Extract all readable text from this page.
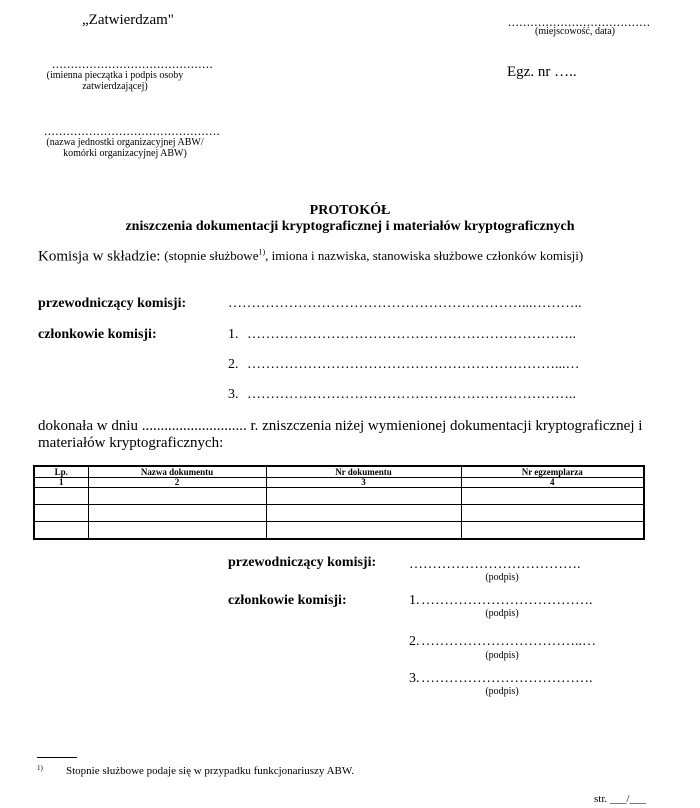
„Zatwierdzam"	......................................
(miejscowość, data)
...........................................
(imienna pieczątka i podpis osoby zatwierdzającej)
Egz. nr …..
...............................................
(nazwa jednostki organizacyjnej ABW/ komórki organizacyjnej ABW)
PROTOKÓŁ
zniszczenia dokumentacji kryptograficznej i materiałów kryptograficznych
Komisja w składzie: (stopnie służbowe$^{1)}$, imiona i nazwiska, stanowiska służbowe członków komisji)
przewodniczący komisji:	………………………………………………………...………..
członkowie komisji:	1. ……………………………………………………………..
2. …………………………………………………………...…
3. ……………………………………………………………..
dokonała w dniu ............................ r. zniszczenia niżej wymienionej dokumentacji kryptograficznej i materiałów kryptograficznych:
Lp.	Nazwa dokumentu	Nr dokumentu	Nr egzemplarza
1	2	3	4

przewodniczący komisji: ……………………………….
(podpis)
członkowie komisji:	1. ……………………………….
(podpis)
2. ……………………………..…
(podpis)
3. ……………………………….
(podpis)
1) Stopnie służbowe podaje się w przypadku funkcjonariuszy ABW.
str. ___/___
